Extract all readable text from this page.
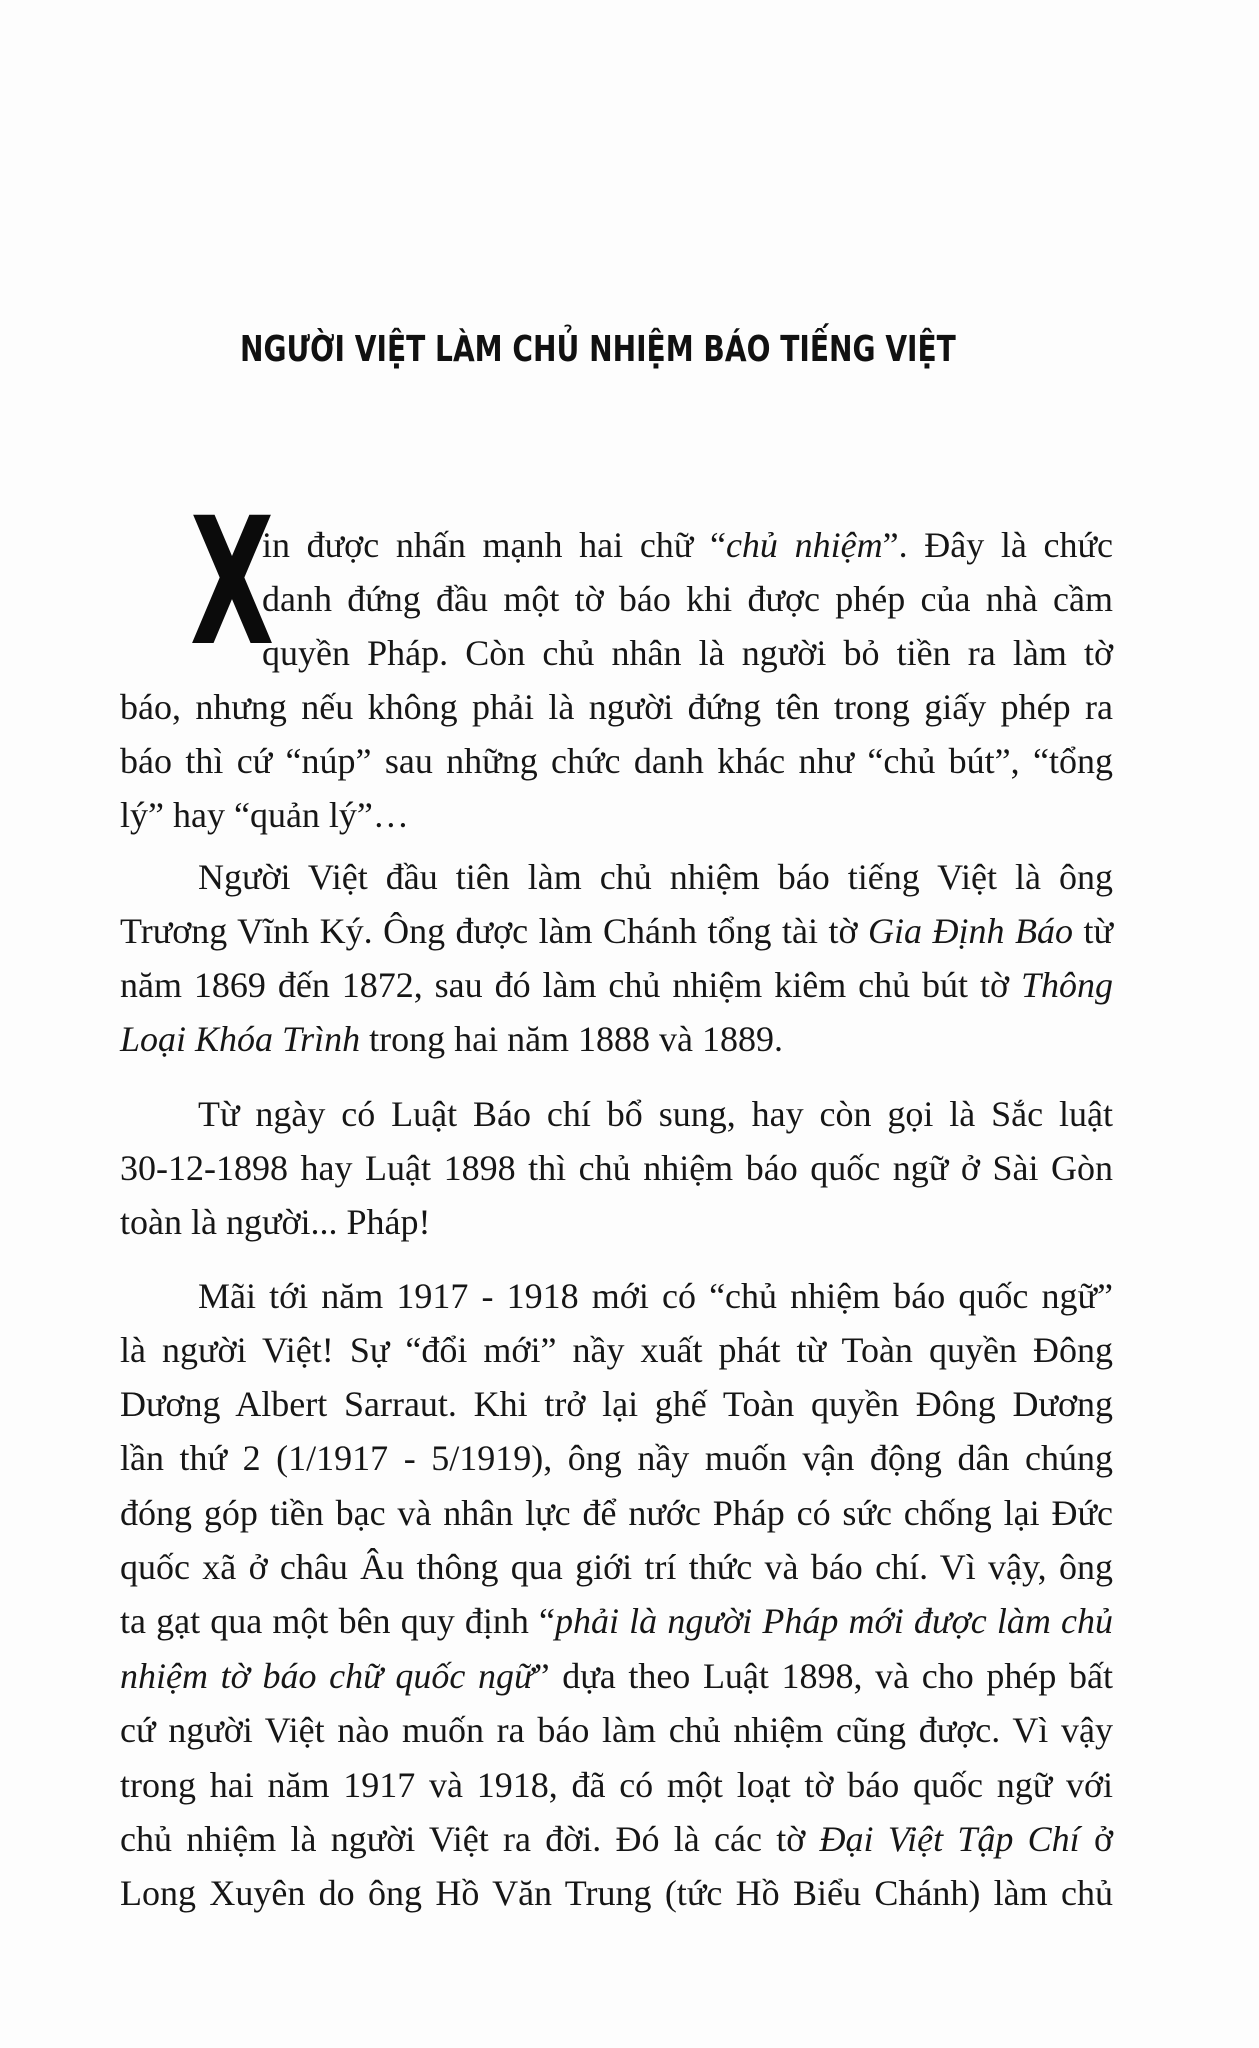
NGƯỜI VIỆT LÀM CHỦ NHIỆM BÁO TIẾNG VIỆT
X
in được nhấn mạnh hai chữ “chủ nhiệm”. Đây là chức
danh đứng đầu một tờ báo khi được phép của nhà cầm
quyền Pháp. Còn chủ nhân là người bỏ tiền ra làm tờ
báo, nhưng nếu không phải là người đứng tên trong giấy phép ra
báo thì cứ “núp” sau những chức danh khác như “chủ bút”, “tổng
lý” hay “quản lý”…
Người Việt đầu tiên làm chủ nhiệm báo tiếng Việt là ông
Trương Vĩnh Ký. Ông được làm Chánh tổng tài tờ Gia Định Báo từ
năm 1869 đến 1872, sau đó làm chủ nhiệm kiêm chủ bút tờ Thông
Loại Khóa Trình trong hai năm 1888 và 1889.
Từ ngày có Luật Báo chí bổ sung, hay còn gọi là Sắc luật
30-12-1898 hay Luật 1898 thì chủ nhiệm báo quốc ngữ ở Sài Gòn
toàn là người... Pháp!
Mãi tới năm 1917 - 1918 mới có “chủ nhiệm báo quốc ngữ”
là người Việt! Sự “đổi mới” nầy xuất phát từ Toàn quyền Đông
Dương Albert Sarraut. Khi trở lại ghế Toàn quyền Đông Dương
lần thứ 2 (1/1917 - 5/1919), ông nầy muốn vận động dân chúng
đóng góp tiền bạc và nhân lực để nước Pháp có sức chống lại Đức
quốc xã ở châu Âu thông qua giới trí thức và báo chí. Vì vậy, ông
ta gạt qua một bên quy định “phải là người Pháp mới được làm chủ
nhiệm tờ báo chữ quốc ngữ” dựa theo Luật 1898, và cho phép bất
cứ người Việt nào muốn ra báo làm chủ nhiệm cũng được. Vì vậy
trong hai năm 1917 và 1918, đã có một loạt tờ báo quốc ngữ với
chủ nhiệm là người Việt ra đời. Đó là các tờ Đại Việt Tập Chí ở
Long Xuyên do ông Hồ Văn Trung (tức Hồ Biểu Chánh) làm chủ
